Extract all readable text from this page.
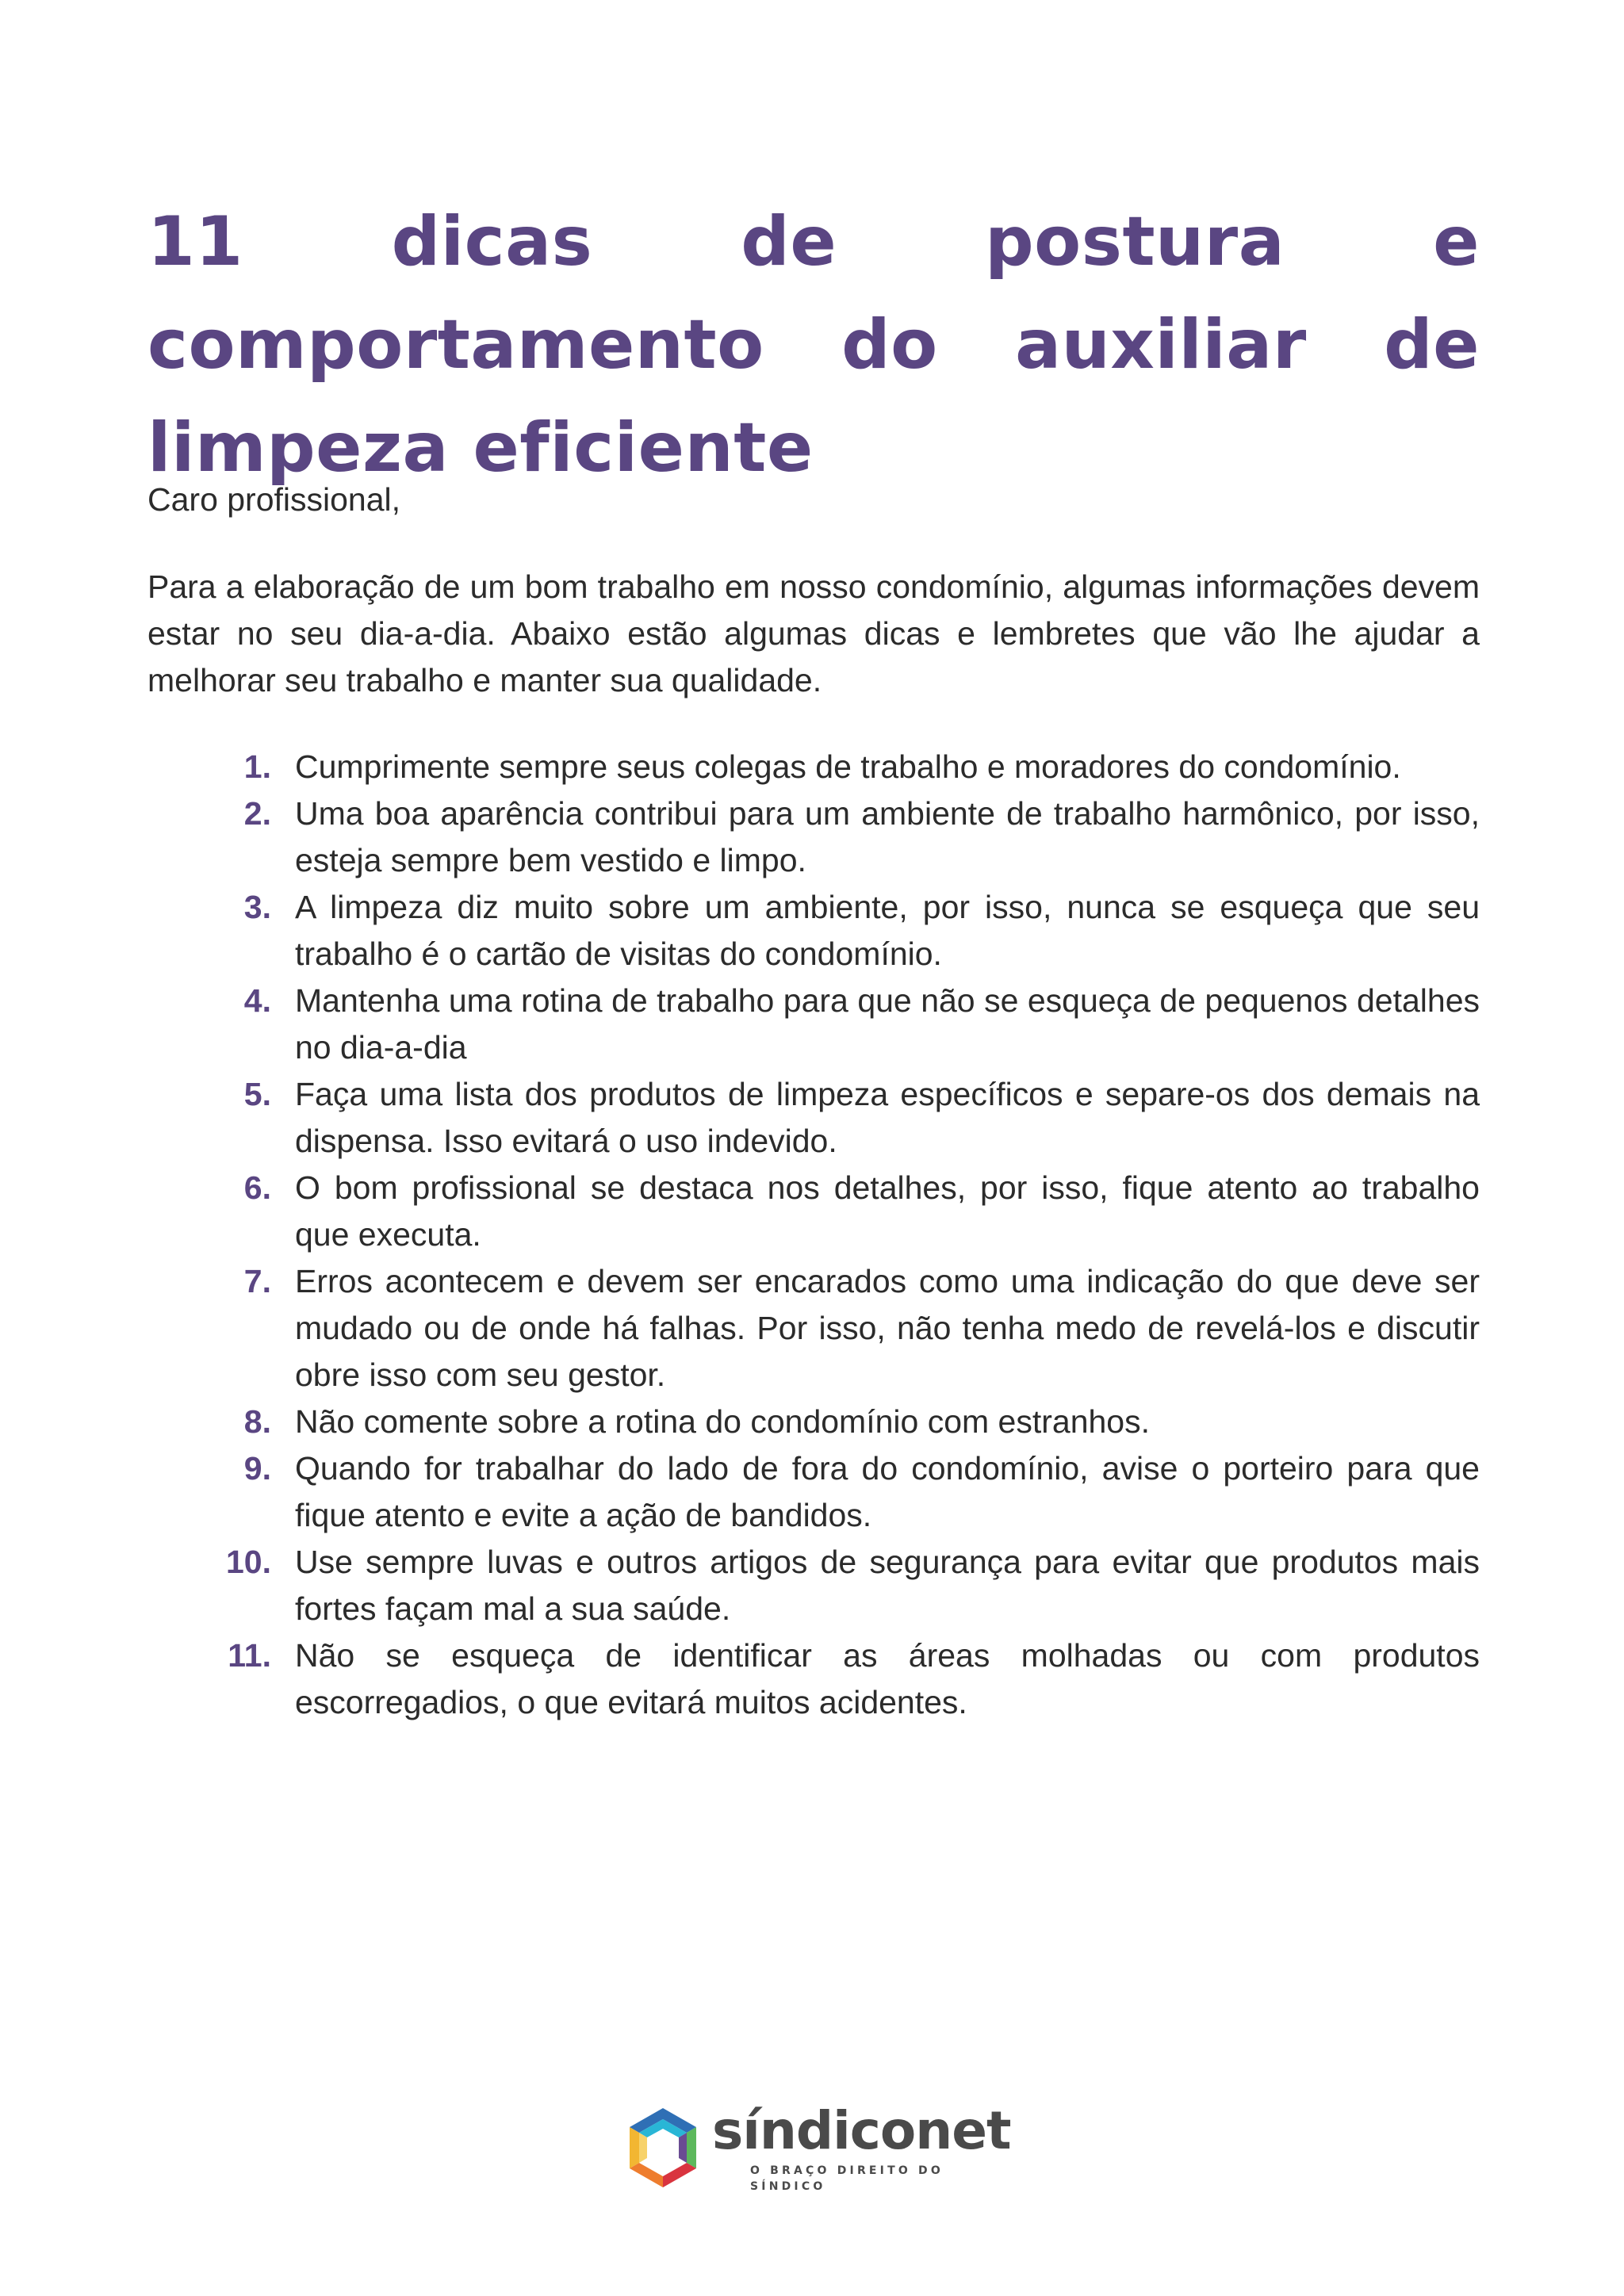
11 dicas de postura e comportamento do auxiliar de limpeza eficiente

Caro profissional,

Para a elaboração de um bom trabalho em nosso condomínio, algumas informações devem estar no seu dia-a-dia. Abaixo estão algumas dicas e lembretes que vão lhe ajudar a melhorar seu trabalho e manter sua qualidade.

1. Cumprimente sempre seus colegas de trabalho e moradores do condomínio.
2. Uma boa aparência contribui para um ambiente de trabalho harmônico, por isso, esteja sempre bem vestido e limpo.
3. A limpeza diz muito sobre um ambiente, por isso, nunca se esqueça que seu trabalho é o cartão de visitas do condomínio.
4. Mantenha uma rotina de trabalho para que não se esqueça de pequenos detalhes no dia-a-dia
5. Faça uma lista dos produtos de limpeza específicos e separe-os dos demais na dispensa. Isso evitará o uso indevido.
6. O bom profissional se destaca nos detalhes, por isso, fique atento ao trabalho que executa.
7. Erros acontecem e devem ser encarados como uma indicação do que deve ser mudado ou de onde há falhas. Por isso, não tenha medo de revelá-los e discutir obre isso com seu gestor.
8. Não comente sobre a rotina do condomínio com estranhos.
9. Quando for trabalhar do lado de fora do condomínio, avise o porteiro para que fique atento e evite a ação de bandidos.
10. Use sempre luvas e outros artigos de segurança para evitar que produtos mais fortes façam mal a sua saúde.
11. Não se esqueça de identificar as áreas molhadas ou com produtos escorregadios, o que evitará muitos acidentes.
síndiconet
O BRAÇO DIREITO DO SÍNDICO
